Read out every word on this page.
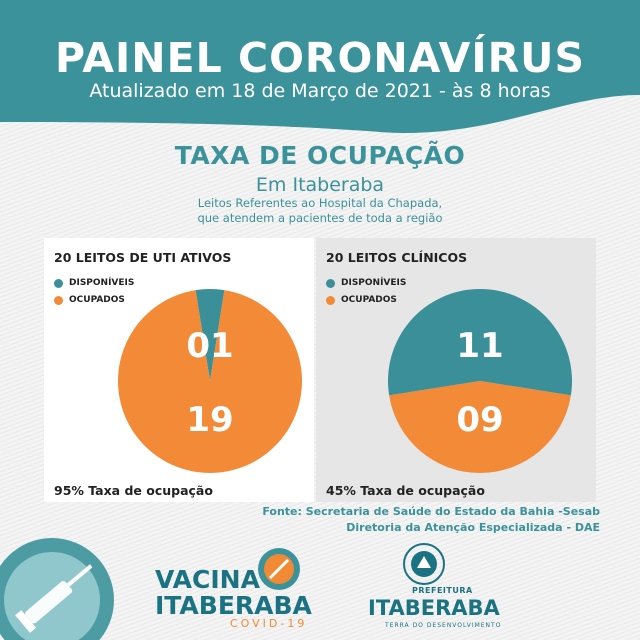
PAINEL CORONAVÍRUS
Atualizado em 18 de Março de 2021 - às 8 horas
TAXA DE OCUPAÇÃO
Em Itaberaba
Leitos Referentes ao Hospital da Chapada,
que atendem a pacientes de toda a região
20 LEITOS DE UTI ATIVOS
DISPONÍVEIS
OCUPADOS
01
19
95% Taxa de ocupação
20 LEITOS CLÍNICOS
DISPONÍVEIS
OCUPADOS
11
09
45% Taxa de ocupação
Fonte: Secretaria de Saúde do Estado da Bahia -Sesab
Diretoria da Atenção Especializada - DAE
VACINA
ITABERABA
COVID-19
PREFEITURA
ITABERABA
TERRA DO DESENVOLVIMENTO
